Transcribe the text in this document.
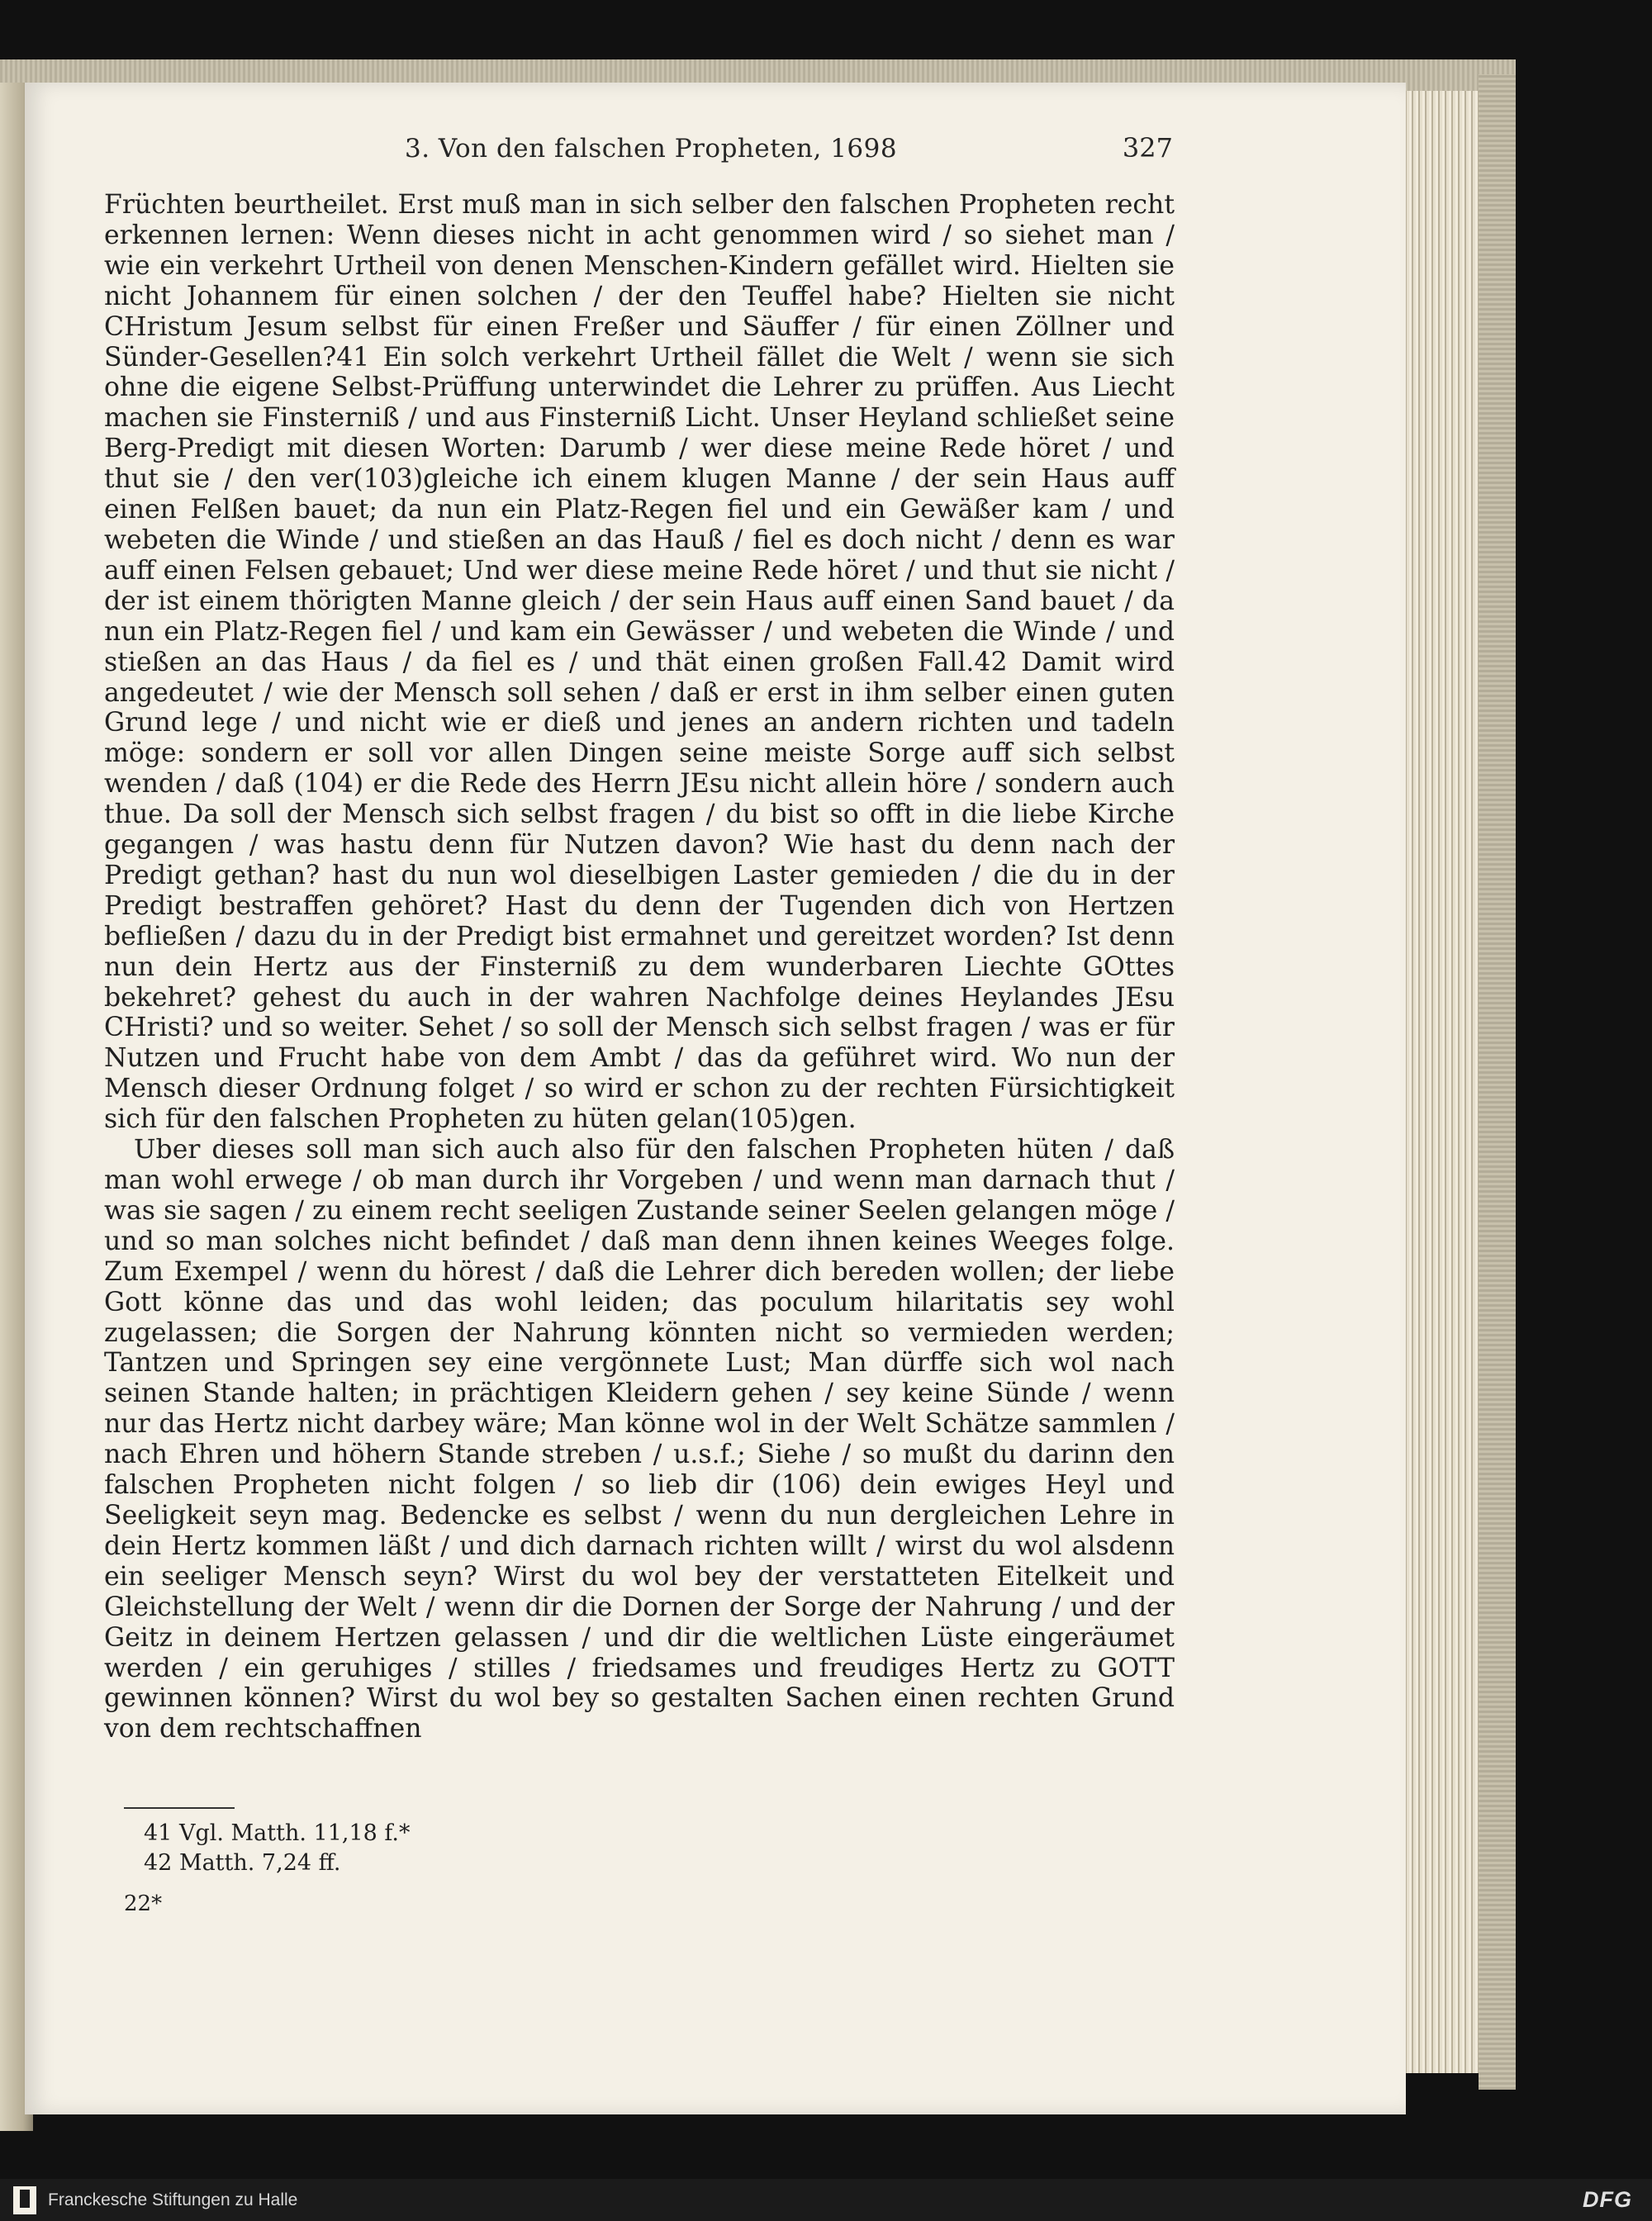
3. Von den falschen Propheten, 1698	327

Früchten beurtheilet. Erst muß man in sich selber den falschen Propheten recht erkennen lernen: Wenn dieses nicht in acht genommen wird / so siehet man / wie ein verkehrt Urtheil von denen Menschen-Kindern gefället wird. Hielten sie nicht Johannem für einen solchen / der den Teuffel habe? Hielten sie nicht CHristum Jesum selbst für einen Freßer und Säuffer / für einen Zöllner und Sünder-Gesellen?41 Ein solch verkehrt Urtheil fället die Welt / wenn sie sich ohne die eigene Selbst-Prüffung unterwindet die Lehrer zu prüffen. Aus Liecht machen sie Finsterniß / und aus Finsterniß Licht. Unser Heyland schließet seine Berg-Predigt mit diesen Worten: Darumb / wer diese meine Rede höret / und thut sie / den ver(103)gleiche ich einem klugen Manne / der sein Haus auff einen Felßen bauet; da nun ein Platz-Regen fiel und ein Gewäßer kam / und webeten die Winde / und stießen an das Hauß / fiel es doch nicht / denn es war auff einen Felsen gebauet; Und wer diese meine Rede höret / und thut sie nicht / der ist einem thörigten Manne gleich / der sein Haus auff einen Sand bauet / da nun ein Platz-Regen fiel / und kam ein Gewässer / und webeten die Winde / und stießen an das Haus / da fiel es / und thät einen großen Fall.42 Damit wird angedeutet / wie der Mensch soll sehen / daß er erst in ihm selber einen guten Grund lege / und nicht wie er dieß und jenes an andern richten und tadeln möge: sondern er soll vor allen Dingen seine meiste Sorge auff sich selbst wenden / daß (104) er die Rede des Herrn JEsu nicht allein höre / sondern auch thue. Da soll der Mensch sich selbst fragen / du bist so offt in die liebe Kirche gegangen / was hastu denn für Nutzen davon? Wie hast du denn nach der Predigt gethan? hast du nun wol dieselbigen Laster gemieden / die du in der Predigt bestraffen gehöret? Hast du denn der Tugenden dich von Hertzen befließen / dazu du in der Predigt bist ermahnet und gereitzet worden? Ist denn nun dein Hertz aus der Finsterniß zu dem wunderbaren Liechte GOttes bekehret? gehest du auch in der wahren Nachfolge deines Heylandes JEsu CHristi? und so weiter. Sehet / so soll der Mensch sich selbst fragen / was er für Nutzen und Frucht habe von dem Ambt / das da geführet wird. Wo nun der Mensch dieser Ordnung folget / so wird er schon zu der rechten Fürsichtigkeit sich für den falschen Propheten zu hüten gelan(105)gen.

Uber dieses soll man sich auch also für den falschen Propheten hüten / daß man wohl erwege / ob man durch ihr Vorgeben / und wenn man darnach thut / was sie sagen / zu einem recht seeligen Zustande seiner Seelen gelangen möge / und so man solches nicht befindet / daß man denn ihnen keines Weeges folge. Zum Exempel / wenn du hörest / daß die Lehrer dich bereden wollen; der liebe Gott könne das und das wohl leiden; das poculum hilaritatis sey wohl zugelassen; die Sorgen der Nahrung könnten nicht so vermieden werden; Tantzen und Springen sey eine vergönnete Lust; Man dürffe sich wol nach seinen Stande halten; in prächtigen Kleidern gehen / sey keine Sünde / wenn nur das Hertz nicht darbey wäre; Man könne wol in der Welt Schätze sammlen / nach Ehren und höhern Stande streben / u.s.f.; Siehe / so mußt du darinn den falschen Propheten nicht folgen / so lieb dir (106) dein ewiges Heyl und Seeligkeit seyn mag. Bedencke es selbst / wenn du nun dergleichen Lehre in dein Hertz kommen läßt / und dich darnach richten willt / wirst du wol alsdenn ein seeliger Mensch seyn? Wirst du wol bey der verstatteten Eitelkeit und Gleichstellung der Welt / wenn dir die Dornen der Sorge der Nahrung / und der Geitz in deinem Hertzen gelassen / und dir die weltlichen Lüste eingeräumet werden / ein geruhiges / stilles / friedsames und freudiges Hertz zu GOTT gewinnen können? Wirst du wol bey so gestalten Sachen einen rechten Grund von dem rechtschaffnen

41 Vgl. Matth. 11,18 f.*

42 Matth. 7,24 ff.

22*
Franckesche Stiftungen zu Halle	DFG
